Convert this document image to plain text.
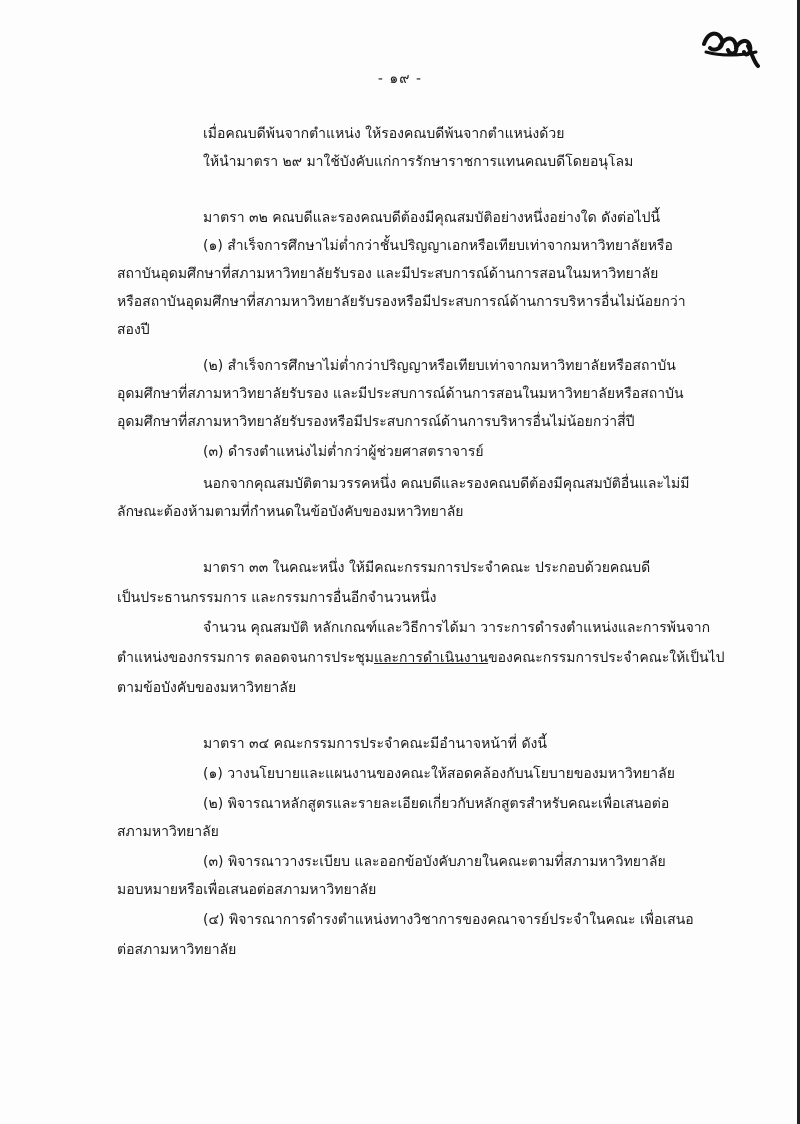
- ๑๙ -
เมื่อคณบดีพ้นจากตำแหน่ง ให้รองคณบดีพ้นจากตำแหน่งด้วย
ให้นำมาตรา ๒๙ มาใช้บังคับแก่การรักษาราชการแทนคณบดีโดยอนุโลม
มาตรา ๓๒ คณบดีและรองคณบดีต้องมีคุณสมบัติอย่างหนึ่งอย่างใด ดังต่อไปนี้
(๑) สำเร็จการศึกษาไม่ต่ำกว่าชั้นปริญญาเอกหรือเทียบเท่าจากมหาวิทยาลัยหรือ
สถาบันอุดมศึกษาที่สภามหาวิทยาลัยรับรอง และมีประสบการณ์ด้านการสอนในมหาวิทยาลัย
หรือสถาบันอุดมศึกษาที่สภามหาวิทยาลัยรับรองหรือมีประสบการณ์ด้านการบริหารอื่นไม่น้อยกว่า
สองปี
(๒) สำเร็จการศึกษาไม่ต่ำกว่าปริญญาหรือเทียบเท่าจากมหาวิทยาลัยหรือสถาบัน
อุดมศึกษาที่สภามหาวิทยาลัยรับรอง และมีประสบการณ์ด้านการสอนในมหาวิทยาลัยหรือสถาบัน
อุดมศึกษาที่สภามหาวิทยาลัยรับรองหรือมีประสบการณ์ด้านการบริหารอื่นไม่น้อยกว่าสี่ปี
(๓) ดำรงตำแหน่งไม่ต่ำกว่าผู้ช่วยศาสตราจารย์
นอกจากคุณสมบัติตามวรรคหนึ่ง คณบดีและรองคณบดีต้องมีคุณสมบัติอื่นและไม่มี
ลักษณะต้องห้ามตามที่กำหนดในข้อบังคับของมหาวิทยาลัย
มาตรา ๓๓ ในคณะหนึ่ง ให้มีคณะกรรมการประจำคณะ ประกอบด้วยคณบดี
เป็นประธานกรรมการ และกรรมการอื่นอีกจำนวนหนึ่ง
จำนวน คุณสมบัติ หลักเกณฑ์และวิธีการได้มา วาระการดำรงตำแหน่งและการพ้นจาก
ตำแหน่งของกรรมการ ตลอดจนการประชุมและการดำเนินงานของคณะกรรมการประจำคณะให้เป็นไป
ตามข้อบังคับของมหาวิทยาลัย
มาตรา ๓๔ คณะกรรมการประจำคณะมีอำนาจหน้าที่ ดังนี้
(๑) วางนโยบายและแผนงานของคณะให้สอดคล้องกับนโยบายของมหาวิทยาลัย
(๒) พิจารณาหลักสูตรและรายละเอียดเกี่ยวกับหลักสูตรสำหรับคณะเพื่อเสนอต่อ
สภามหาวิทยาลัย
(๓) พิจารณาวางระเบียบ และออกข้อบังคับภายในคณะตามที่สภามหาวิทยาลัย
มอบหมายหรือเพื่อเสนอต่อสภามหาวิทยาลัย
(๔) พิจารณาการดำรงตำแหน่งทางวิชาการของคณาจารย์ประจำในคณะ เพื่อเสนอ
ต่อสภามหาวิทยาลัย
